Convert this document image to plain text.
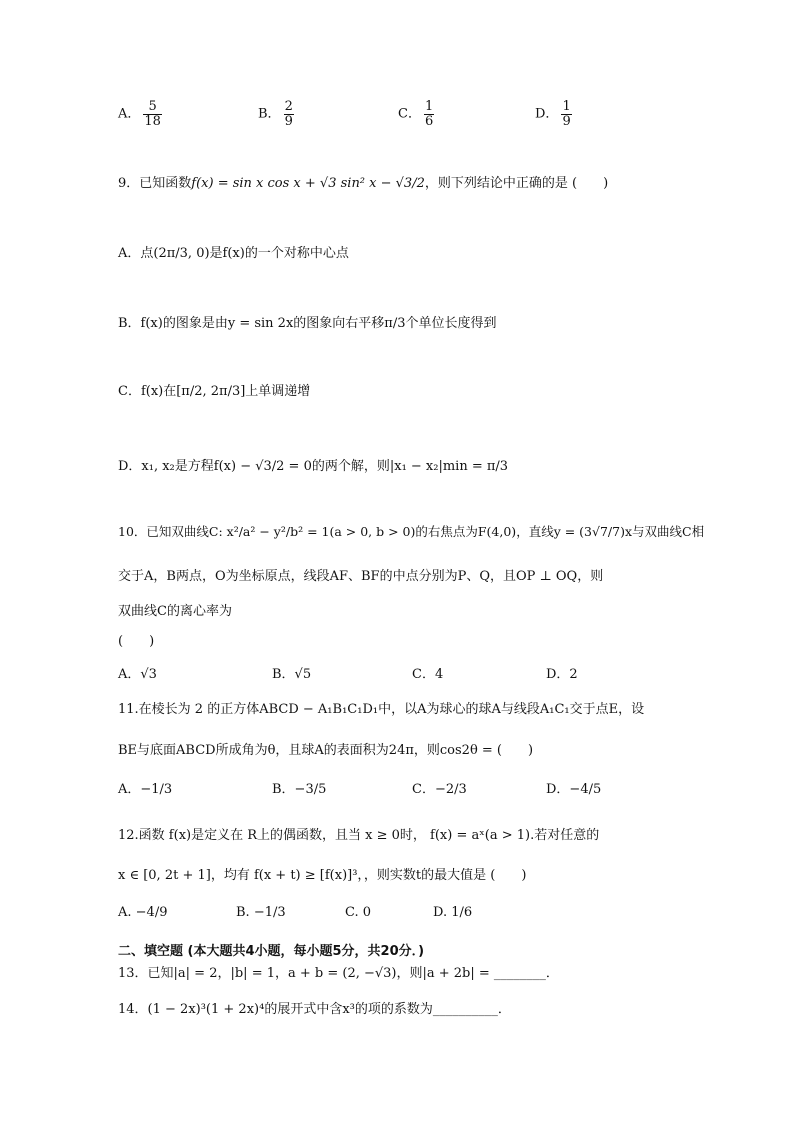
A． $\frac{5}{18}$	B． $\frac{2}{9}$	C． $\frac{1}{6}$	D． $\frac{1}{9}$
9．已知函数f(x) = sin x cos x + √3 sin² x − √3/2，则下列结论中正确的是 (　　)
A．点(2π/3, 0)是f(x)的一个对称中心点
B．f(x)的图象是由y = sin 2x的图象向右平移π/3个单位长度得到
C．f(x)在[π/2, 2π/3]上单调递增
D．x₁, x₂是方程f(x) − √3/2 = 0的两个解，则|x₁ − x₂|min = π/3
10．已知双曲线C: x²/a² − y²/b² = 1(a > 0, b > 0)的右焦点为F(4,0)，直线y = (3√7/7)x与双曲线C相
交于A，B两点，O为坐标原点，线段AF、BF的中点分别为P、Q，且OP ⊥ OQ，则
双曲线C的离心率为
(　　)
A．√3	B．√5	C．4	D．2
11.在棱长为 2 的正方体ABCD − A₁B₁C₁D₁中，以A为球心的球A与线段A₁C₁交于点E，设
BE与底面ABCD所成角为θ，且球A的表面积为24π，则cos2θ = (　　)
A．−1/3	B．−3/5	C．−2/3	D．−4/5
12.函数 f(x)是定义在 R上的偶函数，且当 x ≥ 0时， f(x) = aˣ(a > 1).若对任意的
x ∈ [0, 2t + 1]，均有 f(x + t) ≥ [f(x)]³，，则实数t的最大值是 (　　)
A. −4/9	B. −1/3	C. 0	D. 1/6
二、填空题 (本大题共4小题，每小题5分，共20分．)
13．已知|a| = 2，|b| = 1，a + b = (2, −√3)，则|a + 2b| = ________．
14．(1 − 2x)³(1 + 2x)⁴的展开式中含x³的项的系数为__________．
